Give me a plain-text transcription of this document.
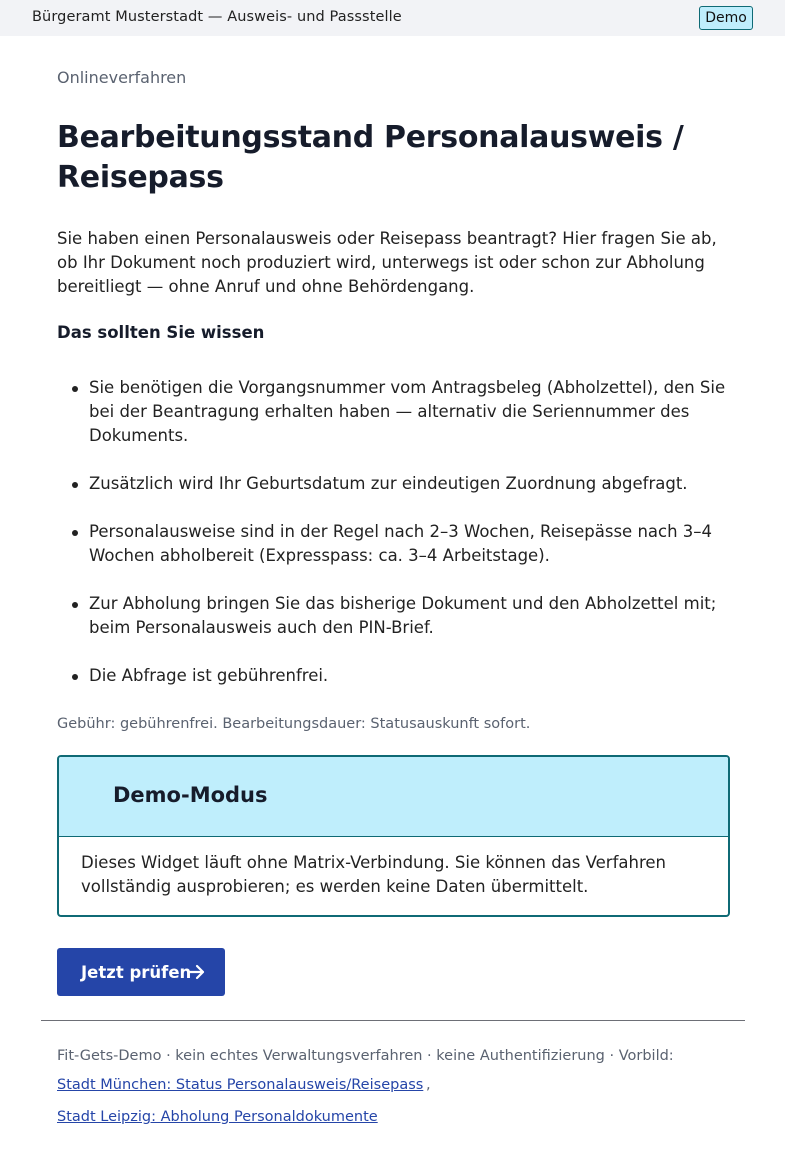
Bürgeramt Musterstadt — Ausweis- und Passstelle	Demo
Onlineverfahren
Bearbeitungsstand Personalausweis / Reisepass

Sie haben einen Personalausweis oder Reisepass beantragt? Hier fragen Sie ab, ob Ihr Dokument noch produziert wird, unterwegs ist oder schon zur Abholung bereitliegt — ohne Anruf und ohne Behördengang.

Das sollten Sie wissen
Sie benötigen die Vorgangsnummer vom Antragsbeleg (Abholzettel), den Sie bei der Beantragung erhalten haben — alternativ die Seriennummer des Dokuments.
Zusätzlich wird Ihr Geburtsdatum zur eindeutigen Zuordnung abgefragt.
Personalausweise sind in der Regel nach 2–3 Wochen, Reisepässe nach 3–4 Wochen abholbereit (Expresspass: ca. 3–4 Arbeitstage).
Zur Abholung bringen Sie das bisherige Dokument und den Abholzettel mit; beim Personalausweis auch den PIN-Brief.
Die Abfrage ist gebührenfrei.

Gebühr: gebührenfrei. Bearbeitungsdauer: Statusauskunft sofort.

Demo-Modus

Dieses Widget läuft ohne Matrix-Verbindung. Sie können das Verfahren vollständig ausprobieren; es werden keine Daten übermittelt.

Jetzt prüfen

Fit-Gets-Demo · kein echtes Verwaltungsverfahren · keine Authentifizierung · Vorbild:

Stadt München: Status Personalausweis/Reisepass ,
Stadt Leipzig: Abholung Personaldokumente
